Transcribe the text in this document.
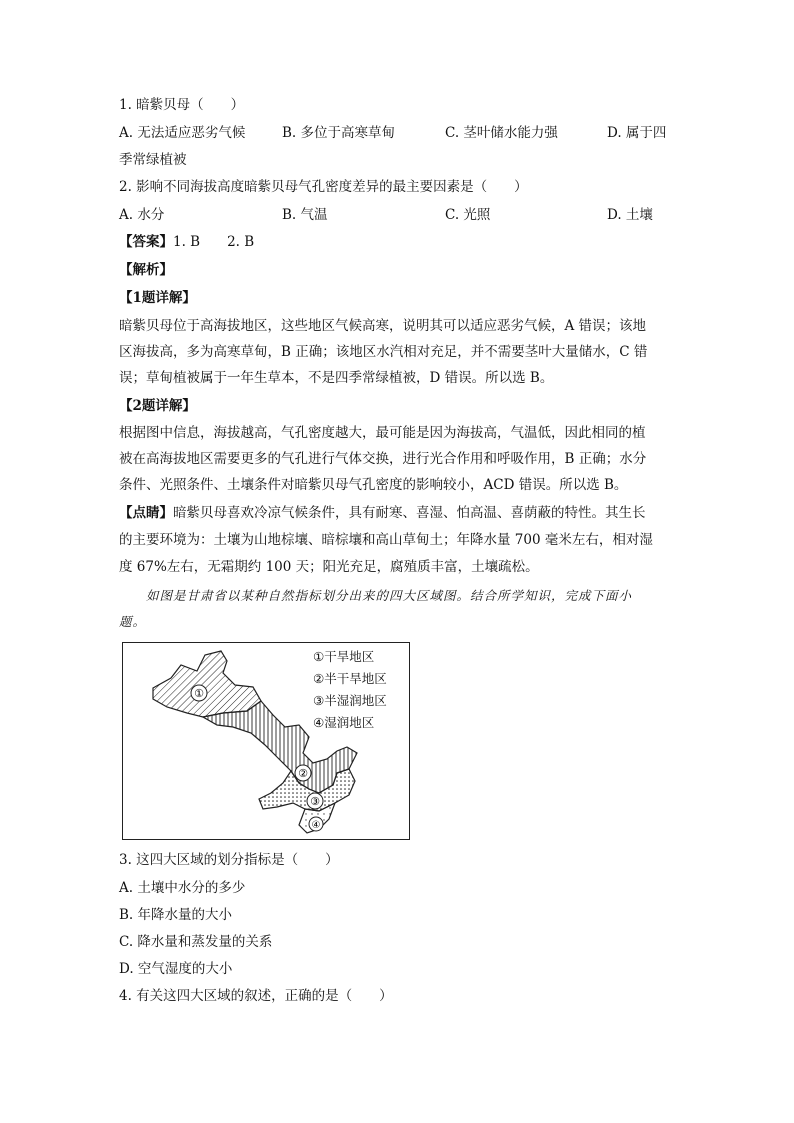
1. 暗紫贝母（　　）
A. 无法适应恶劣气候	B. 多位于高寒草甸	C. 茎叶储水能力强	D. 属于四
季常绿植被
2. 影响不同海拔高度暗紫贝母气孔密度差异的最主要因素是（　　）
A. 水分	B. 气温	C. 光照	D. 土壤
【答案】1. B　　2. B
【解析】
【1题详解】
暗紫贝母位于高海拔地区，这些地区气候高寒，说明其可以适应恶劣气候，A 错误；该地
区海拔高，多为高寒草甸，B 正确；该地区水汽相对充足，并不需要茎叶大量储水，C 错
误；草甸植被属于一年生草本，不是四季常绿植被，D 错误。所以选 B。
【2题详解】
根据图中信息，海拔越高，气孔密度越大，最可能是因为海拔高，气温低，因此相同的植
被在高海拔地区需要更多的气孔进行气体交换，进行光合作用和呼吸作用，B 正确；水分
条件、光照条件、土壤条件对暗紫贝母气孔密度的影响较小，ACD 错误。所以选 B。
【点睛】暗紫贝母喜欢冷凉气候条件，具有耐寒、喜湿、怕高温、喜荫蔽的特性。其生长
的主要环境为：土壤为山地棕壤、暗棕壤和高山草甸土；年降水量 700 毫米左右，相对湿
度 67%左右，无霜期约 100 天；阳光充足，腐殖质丰富，土壤疏松。
如图是甘肃省以某种自然指标划分出来的四大区域图。结合所学知识，完成下面小
题。
①
②
③
④
①干旱地区
②半干旱地区
③半湿润地区
④湿润地区
3. 这四大区域的划分指标是（　　）
A. 土壤中水分的多少
B. 年降水量的大小
C. 降水量和蒸发量的关系
D. 空气湿度的大小
4. 有关这四大区域的叙述，正确的是（　　）
